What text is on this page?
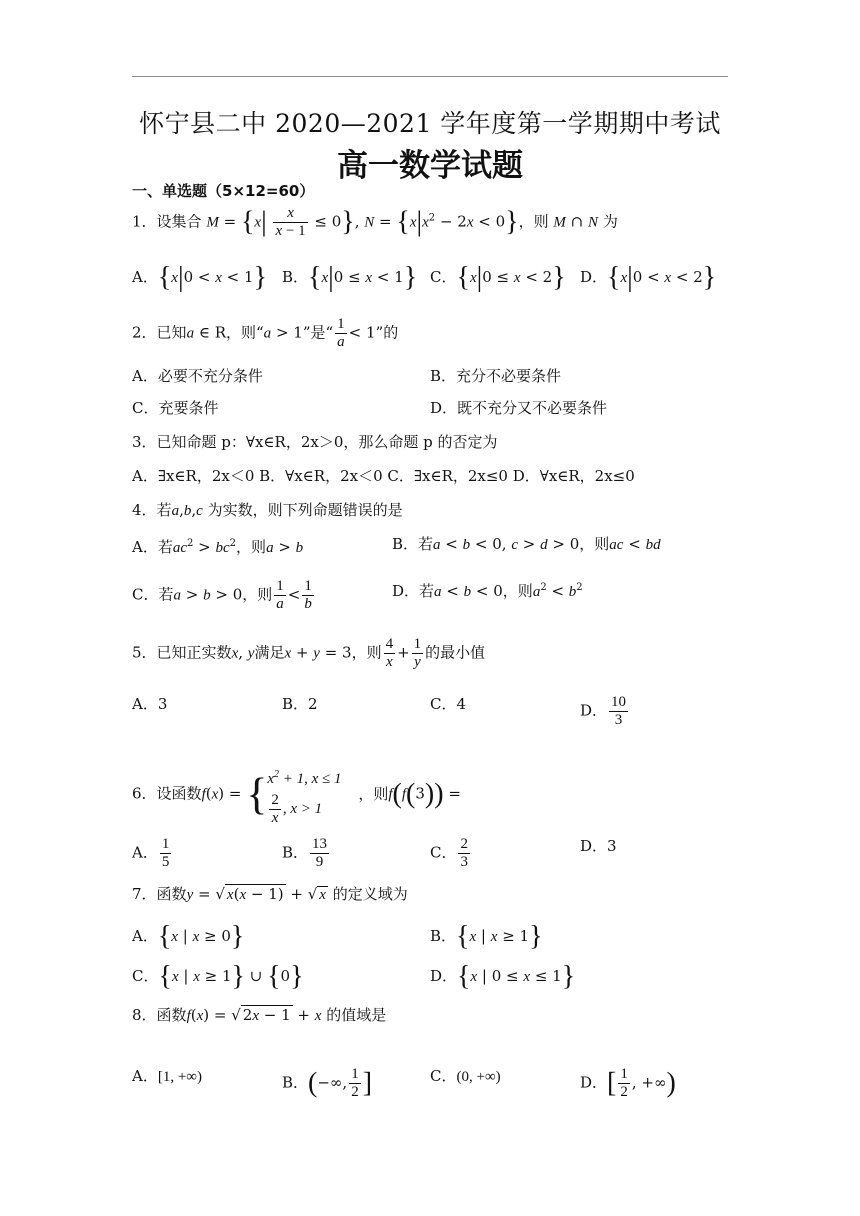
怀宁县二中 2020—2021 学年度第一学期期中考试
高一数学试题
一、单选题（5×12=60）
1．设集合 $M = \{x| \frac{x}{x - 1} \le 0\}$, $N = \{x|x^2 - 2x < 0\}$，则 M ∩ N 为
A．{x|0 < x < 1} B．{x|0 ≤ x < 1} C．{x|0 ≤ x < 2} D．{x|0 < x < 2}
2．已知a ∈ R，则“a > 1”是“ $\frac{1}{a} < 1$”的
A．必要不充分条件	B．充分不必要条件
C．充要条件	D．既不充分又不必要条件
3．已知命题 p：∀x∈R，2x＞0，那么命题 p 的否定为
A．∃x∈R，2x＜0 B．∀x∈R，2x＜0 C．∃x∈R，2x≤0 D．∀x∈R，2x≤0
4．若a,b,c 为实数，则下列命题错误的是
A．若$ac^2 > bc^2$，则a > b	B．若a < b < 0, c > d > 0，则ac < bd
C．若a > b > 0，则 $\frac{1}{a} < \frac{1}{b}$	D．若a < b < 0，则$a^2 < b^2$
5．已知正实数x, y满足x + y = 3，则 $\frac{4}{x} + \frac{1}{y}$ 的最小值
A．3	B．2	C．4	D． $\frac{10}{3}$
6．设函数$f(x) = \{x^2 + 1$, x ≤ 1

$\frac{2}{x}$ , x > 1 ，则f(f(3)) =
A． $\frac{1}{5}$	B． $\frac{13}{9}$	C． $\frac{2}{3}$	D．3
7．函数y = √ x(x − 1) + √ x 的定义域为
A．{x | x ≥ 0}	B．{x | x ≥ 1}
C．{x | x ≥ 1} ∪ {0}	D．{x | 0 ≤ x ≤ 1}
8．函数f(x) = √ 2x − 1 + x 的值域是
A．[1, +∞)	B．(−∞, $\frac{1}{2}$ ]	C．(0, +∞)	D．[ $\frac{1}{2}$ , +∞)
